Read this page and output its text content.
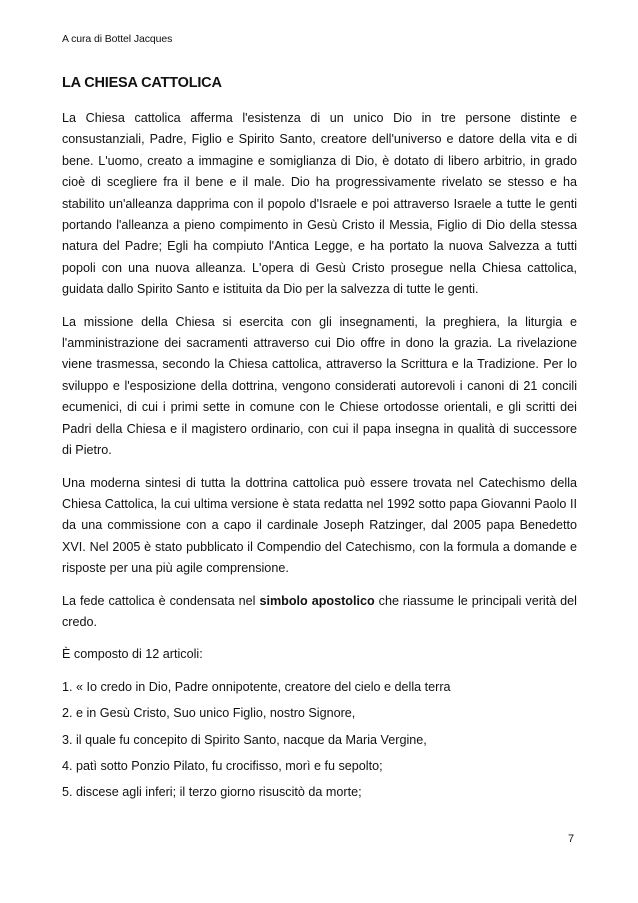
A cura di Bottel Jacques
LA CHIESA CATTOLICA

La Chiesa cattolica afferma l'esistenza di un unico Dio in tre persone distinte e consustanziali, Padre, Figlio e Spirito Santo, creatore dell'universo e datore della vita e di bene. L'uomo, creato a immagine e somiglianza di Dio, è dotato di libero arbitrio, in grado cioè di scegliere fra il bene e il male. Dio ha progressivamente rivelato se stesso e ha stabilito un'alleanza dapprima con il popolo d'Israele e poi attraverso Israele a tutte le genti portando l'alleanza a pieno compimento in Gesù Cristo il Messia, Figlio di Dio della stessa natura del Padre; Egli ha compiuto l'Antica Legge, e ha portato la nuova Salvezza a tutti popoli con una nuova alleanza. L'opera di Gesù Cristo prosegue nella Chiesa cattolica, guidata dallo Spirito Santo e istituita da Dio per la salvezza di tutte le genti.

La missione della Chiesa si esercita con gli insegnamenti, la preghiera, la liturgia e l'amministrazione dei sacramenti attraverso cui Dio offre in dono la grazia. La rivelazione viene trasmessa, secondo la Chiesa cattolica, attraverso la Scrittura e la Tradizione. Per lo sviluppo e l'esposizione della dottrina, vengono considerati autorevoli i canoni di 21 concili ecumenici, di cui i primi sette in comune con le Chiese ortodosse orientali, e gli scritti dei Padri della Chiesa e il magistero ordinario, con cui il papa insegna in qualità di successore di Pietro.

Una moderna sintesi di tutta la dottrina cattolica può essere trovata nel Catechismo della Chiesa Cattolica, la cui ultima versione è stata redatta nel 1992 sotto papa Giovanni Paolo II da una commissione con a capo il cardinale Joseph Ratzinger, dal 2005 papa Benedetto XVI. Nel 2005 è stato pubblicato il Compendio del Catechismo, con la formula a domande e risposte per una più agile comprensione.

La fede cattolica è condensata nel simbolo apostolico che riassume le principali verità del credo.

È composto di 12 articoli:

1. « Io credo in Dio, Padre onnipotente, creatore del cielo e della terra

2. e in Gesù Cristo, Suo unico Figlio, nostro Signore,

3. il quale fu concepito di Spirito Santo, nacque da Maria Vergine,

4. patì sotto Ponzio Pilato, fu crocifisso, morì e fu sepolto;

5. discese agli inferi; il terzo giorno risuscitò da morte;

7
